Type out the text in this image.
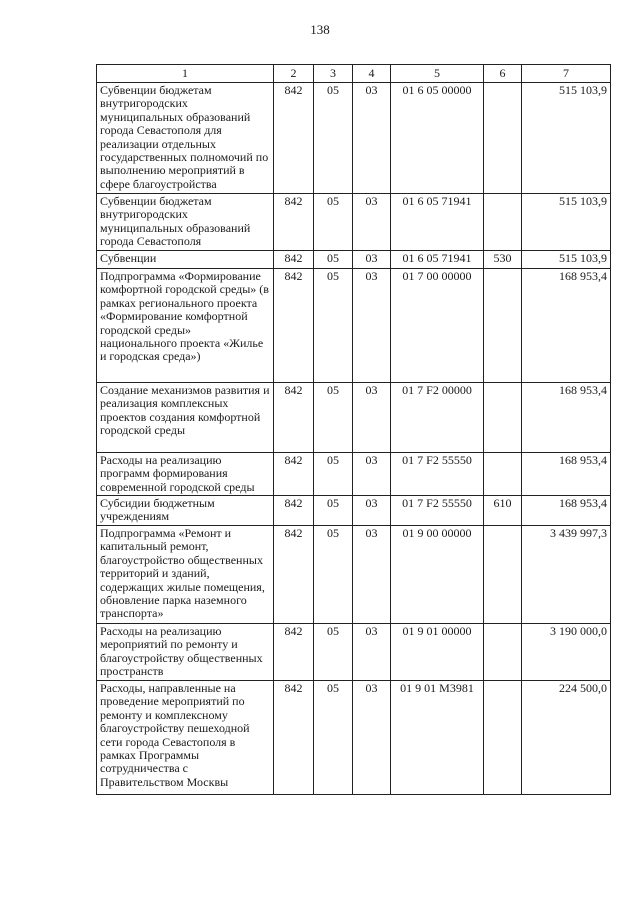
138
1	2	3	4	5	6	7
Субвенции бюджетам внутригородских муниципальных образований города Севастополя для реализации отдельных государственных полномочий по выполнению мероприятий в сфере благоустройства	842	05	03	01 6 05 00000		515 103,9
Субвенции бюджетам внутригородских муниципальных образований города Севастополя	842	05	03	01 6 05 71941		515 103,9
Субвенции	842	05	03	01 6 05 71941	530	515 103,9
Подпрограмма «Формирование комфортной городской среды» (в рамках регионального проекта «Формирование комфортной городской среды» национального проекта «Жилье и городская среда»)	842	05	03	01 7 00 00000		168 953,4
Создание механизмов развития и реализация комплексных проектов создания комфортной городской среды	842	05	03	01 7 F2 00000		168 953,4
Расходы на реализацию программ формирования современной городской среды	842	05	03	01 7 F2 55550		168 953,4
Субсидии бюджетным учреждениям	842	05	03	01 7 F2 55550	610	168 953,4
Подпрограмма «Ремонт и капитальный ремонт, благоустройство общественных территорий и зданий, содержащих жилые помещения, обновление парка наземного транспорта»	842	05	03	01 9 00 00000		3 439 997,3
Расходы на реализацию мероприятий по ремонту и благоустройству общественных пространств	842	05	03	01 9 01 00000		3 190 000,0
Расходы, направленные на проведение мероприятий по ремонту и комплексному благоустройству пешеходной сети города Севастополя в рамках Программы сотрудничества с Правительством Москвы	842	05	03	01 9 01 М3981		224 500,0
